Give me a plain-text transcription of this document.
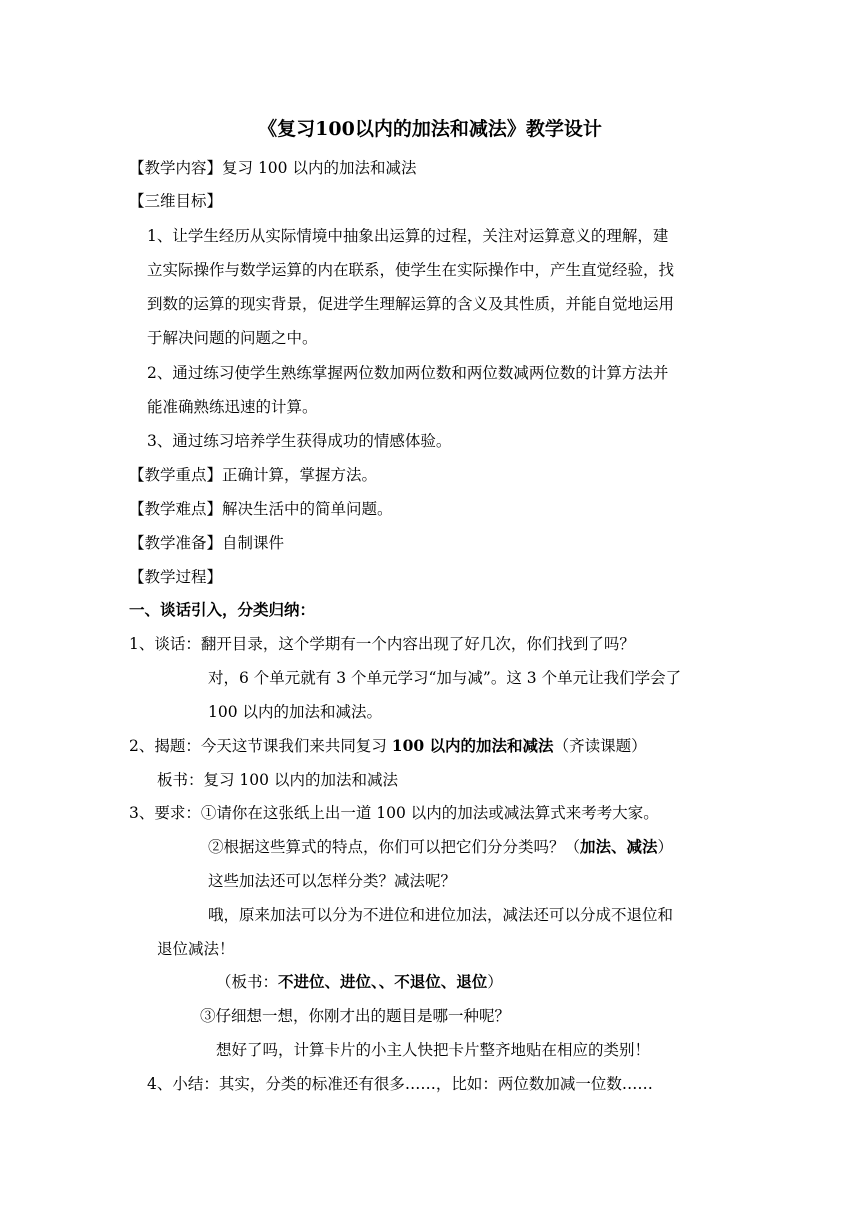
《复习100以内的加法和减法》教学设计
【教学内容】复习 100 以内的加法和减法
【三维目标】
1、让学生经历从实际情境中抽象出运算的过程，关注对运算意义的理解，建
立实际操作与数学运算的内在联系，使学生在实际操作中，产生直觉经验，找
到数的运算的现实背景，促进学生理解运算的含义及其性质，并能自觉地运用
于解决问题的问题之中。
2、通过练习使学生熟练掌握两位数加两位数和两位数减两位数的计算方法并
能准确熟练迅速的计算。
3、通过练习培养学生获得成功的情感体验。
【教学重点】正确计算，掌握方法。
【教学难点】解决生活中的简单问题。
【教学准备】自制课件
【教学过程】
一、谈话引入，分类归纳：
1、谈话：翻开目录，这个学期有一个内容出现了好几次，你们找到了吗？
对，6 个单元就有 3 个单元学习“加与减”。这 3 个单元让我们学会了
100 以内的加法和减法。
2、揭题：今天这节课我们来共同复习 100 以内的加法和减法（齐读课题）
板书：复习 100 以内的加法和减法
3、要求：①请你在这张纸上出一道 100 以内的加法或减法算式来考考大家。
②根据这些算式的特点，你们可以把它们分分类吗？（加法、减法）
这些加法还可以怎样分类？减法呢？
哦，原来加法可以分为不进位和进位加法，减法还可以分成不退位和
退位减法！
（板书：不进位、进位、、不退位、退位）
③仔细想一想，你刚才出的题目是哪一种呢？
想好了吗，计算卡片的小主人快把卡片整齐地贴在相应的类别！
4、小结：其实，分类的标准还有很多……，比如：两位数加减一位数……
